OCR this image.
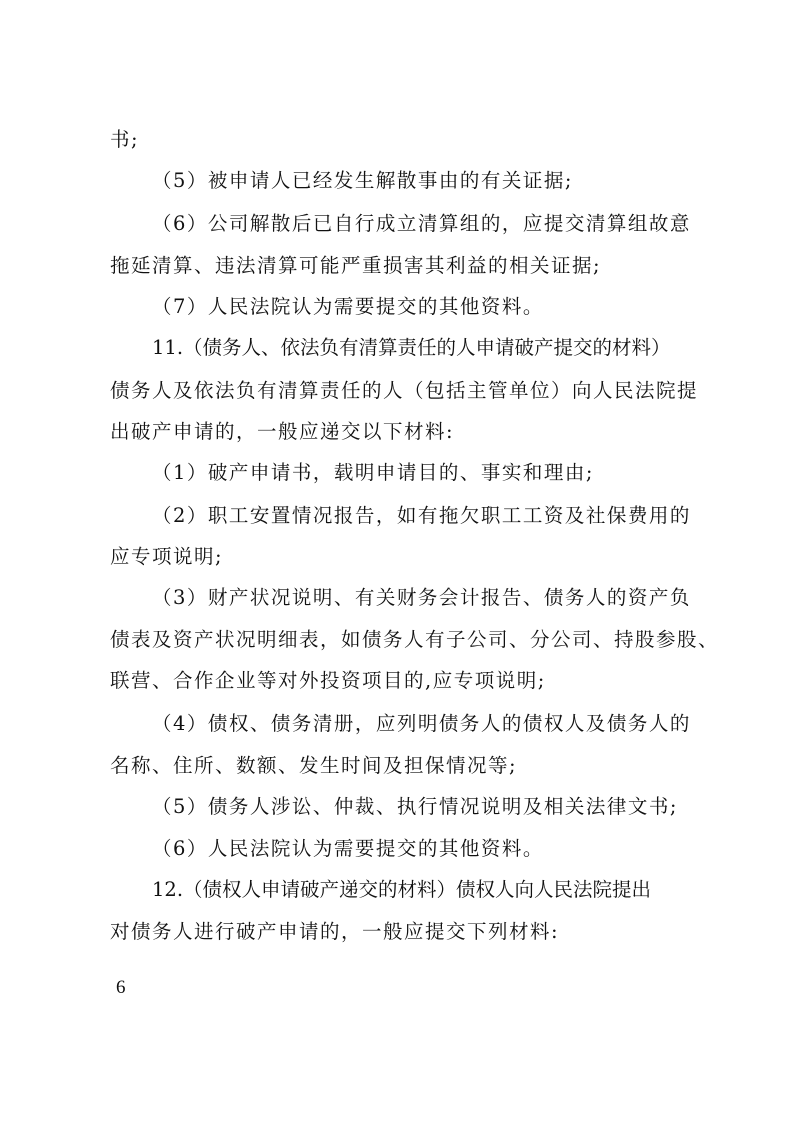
书;
（5）被申请人已经发生解散事由的有关证据;
（6）公司解散后已自行成立清算组的，应提交清算组故意
拖延清算、违法清算可能严重损害其利益的相关证据;
（7）人民法院认为需要提交的其他资料。
11.（债务人、依法负有清算责任的人申请破产提交的材料）
债务人及依法负有清算责任的人（包括主管单位）向人民法院提
出破产申请的，一般应递交以下材料:
（1）破产申请书，载明申请目的、事实和理由;
（2）职工安置情况报告，如有拖欠职工工资及社保费用的
应专项说明;
（3）财产状况说明、有关财务会计报告、债务人的资产负
债表及资产状况明细表，如债务人有子公司、分公司、持股参股、
联营、合作企业等对外投资项目的,应专项说明;
（4）债权、债务清册，应列明债务人的债权人及债务人的
名称、住所、数额、发生时间及担保情况等;
（5）债务人涉讼、仲裁、执行情况说明及相关法律文书;
（6）人民法院认为需要提交的其他资料。
12.（债权人申请破产递交的材料）债权人向人民法院提出
对债务人进行破产申请的，一般应提交下列材料:
6
